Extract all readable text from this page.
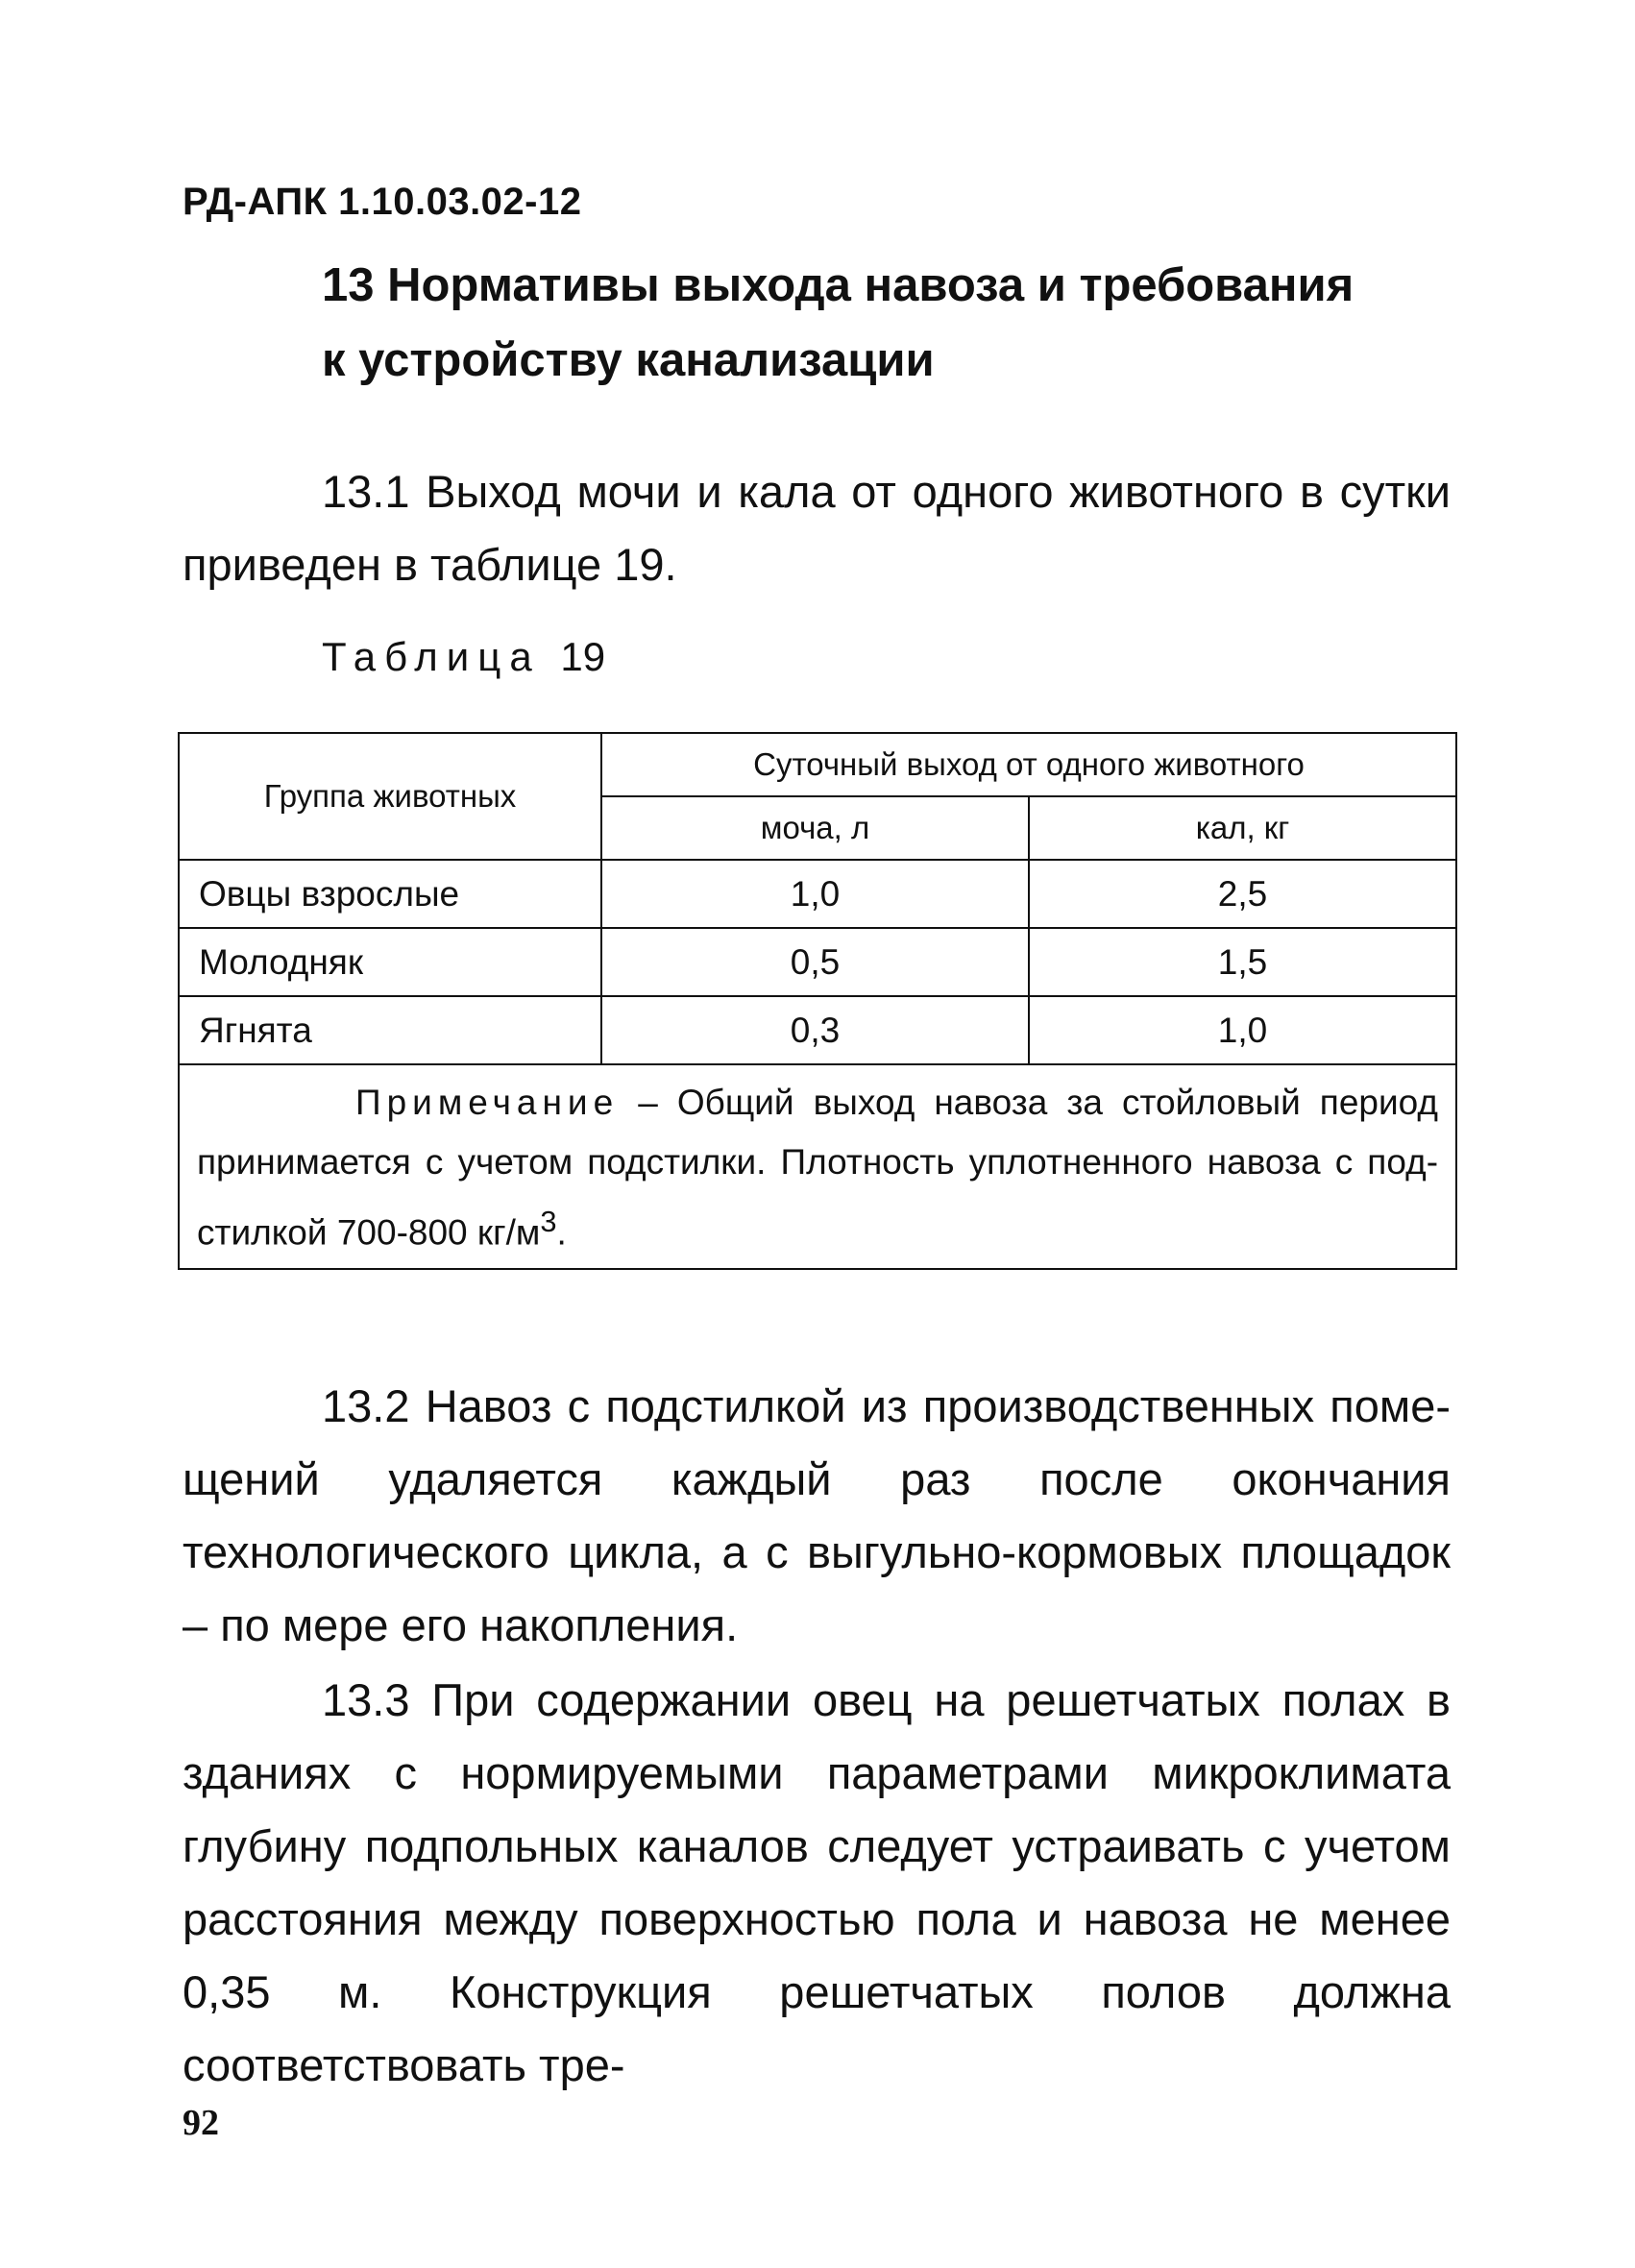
РД-АПК 1.10.03.02-12
13 Нормативы выхода навоза и требования
к устройству канализации
13.1 Выход мочи и кала от одного животного в сутки приведен в таблице 19.
Таблица 19
Группа животных	Суточный выход от одного животного	
	моча, л	кал, кг
Овцы взрослые	1,0	2,5
Молодняк	0,5	1,5
Ягнята	0,3	1,0
Примечание – Общий выход навоза за стойловый период принимается с учетом подстилки. Плотность уплотненного навоза с подстилкой 700-800 $кг/м^3$.		
13.2 Навоз с подстилкой из производственных помещений удаляется каждый раз после окончания технологического цикла, а с выгульно-кормовых площадок – по мере его накопления.
13.3 При содержании овец на решетчатых полах в зданиях с нормируемыми параметрами микроклимата глубину подпольных каналов следует устраивать с учетом расстояния между поверхностью пола и навоза не менее 0,35 м. Конструкция решетчатых полов должна соответствовать тре-
92
